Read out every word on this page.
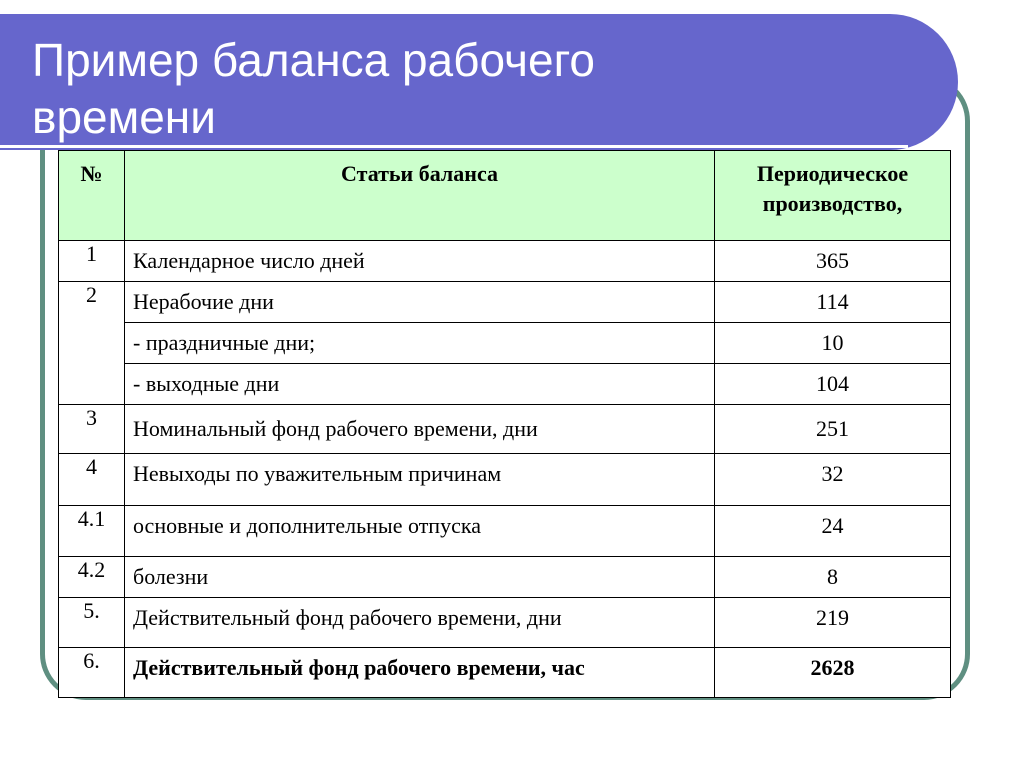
Пример баланса рабочего
времени
№	Статьи баланса	Периодическое производство,
1	Календарное число дней	365
2	Нерабочие дни	114
	- праздничные дни;	10
	- выходные дни	104
3	Номинальный фонд рабочего времени, дни	251
4	Невыходы по уважительным причинам	32
4.1	основные и дополнительные отпуска	24
4.2	болезни	8
5.	Действительный фонд рабочего времени, дни	219
6.	Действительный фонд рабочего времени, час	2628
